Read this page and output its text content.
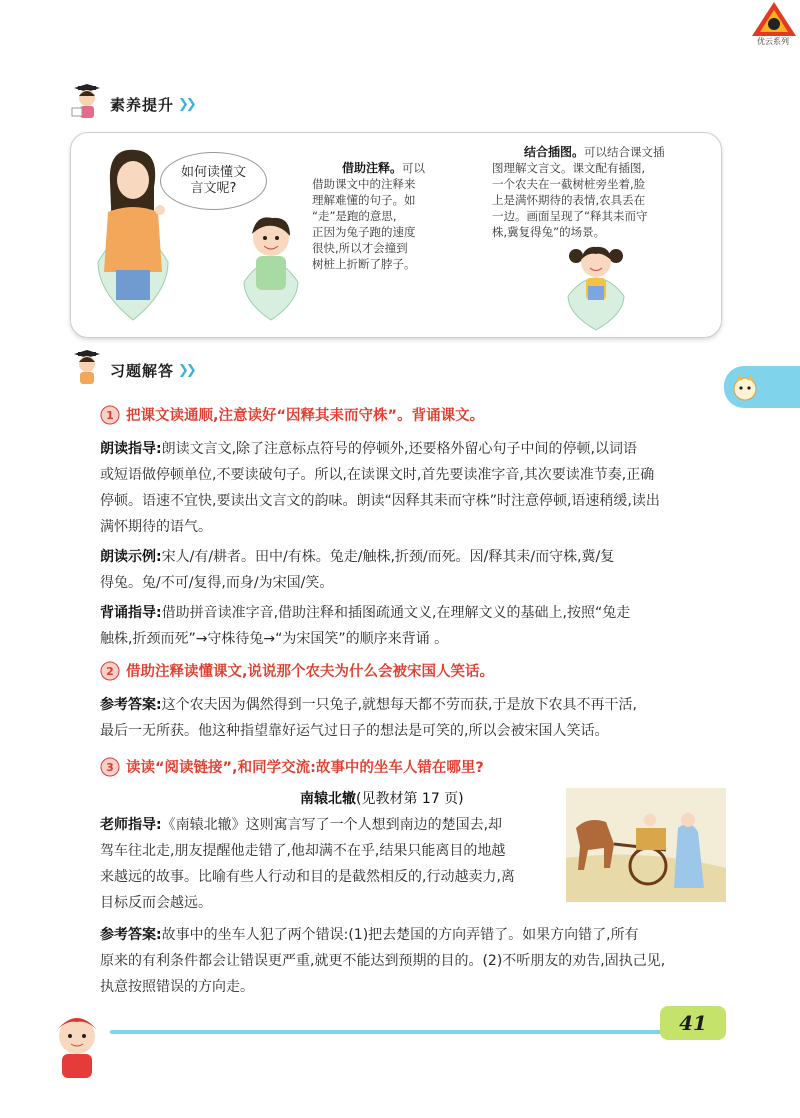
优云系列
素养提升 ❯❯
如何读懂文
言文呢?
借助注释。可以
借助课文中的注释来
理解难懂的句子。如
“走”是跑的意思,
正因为兔子跑的速度
很快,所以才会撞到
树桩上折断了脖子。
结合插图。可以结合课文插
图理解文言文。课文配有插图,
一个农夫在一截树桩旁坐着,脸
上是满怀期待的表情,农具丢在
一边。画面呈现了“释其耒而守
株,冀复得兔”的场景。
习题解答 ❯❯
1 把课文读通顺,注意读好“因释其耒而守株”。背诵课文。
朗读指导:朗读文言文,除了注意标点符号的停顿外,还要格外留心句子中间的停顿,以词语
或短语做停顿单位,不要读破句子。所以,在读课文时,首先要读准字音,其次要读准节奏,正确
停顿。语速不宜快,要读出文言文的韵味。朗读“因释其耒而守株”时注意停顿,语速稍缓,读出
满怀期待的语气。
朗读示例:宋人/有/耕者。田中/有株。兔走/触株,折颈/而死。因/释其耒/而守株,冀/复
得兔。兔/不可/复得,而身/为宋国/笑。
背诵指导:借助拼音读准字音,借助注释和插图疏通文义,在理解文义的基础上,按照“兔走
触株,折颈而死”→守株待兔→“为宋国笑”的顺序来背诵 。
2 借助注释读懂课文,说说那个农夫为什么会被宋国人笑话。
参考答案:这个农夫因为偶然得到一只兔子,就想每天都不劳而获,于是放下农具不再干活,
最后一无所获。他这种指望靠好运气过日子的想法是可笑的,所以会被宋国人笑话。
3 读读“阅读链接”,和同学交流:故事中的坐车人错在哪里?
南辕北辙(见教材第 17 页)
老师指导:《南辕北辙》这则寓言写了一个人想到南边的楚国去,却
驾车往北走,朋友提醒他走错了,他却满不在乎,结果只能离目的地越
来越远的故事。比喻有些人行动和目的是截然相反的,行动越卖力,离
目标反而会越远。
参考答案:故事中的坐车人犯了两个错误:(1)把去楚国的方向弄错了。如果方向错了,所有
原来的有利条件都会让错误更严重,就更不能达到预期的目的。(2)不听朋友的劝告,固执己见,
执意按照错误的方向走。
41
